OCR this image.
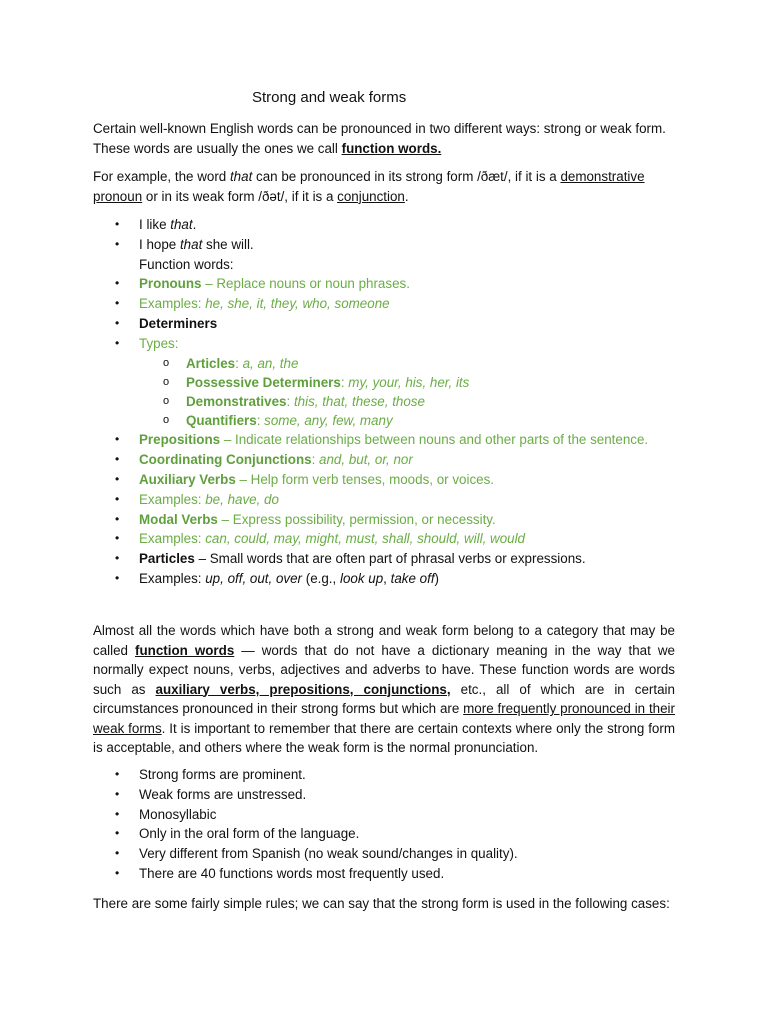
Strong and weak forms

Certain well-known English words can be pronounced in two different ways: strong or weak form. These words are usually the ones we call function words.

For example, the word that can be pronounced in its strong form /ðæt/, if it is a demonstrative pronoun or in its weak form /ðət/, if it is a conjunction.

• I like that.
• I hope that she will.
Function words:
• Pronouns – Replace nouns or noun phrases.
• Examples: he, she, it, they, who, someone
• Determiners
• Types:
o Articles: a, an, the
o Possessive Determiners: my, your, his, her, its
o Demonstratives: this, that, these, those
o Quantifiers: some, any, few, many
• Prepositions – Indicate relationships between nouns and other parts of the sentence.
• Coordinating Conjunctions: and, but, or, nor
• Auxiliary Verbs – Help form verb tenses, moods, or voices.
• Examples: be, have, do
• Modal Verbs – Express possibility, permission, or necessity.
• Examples: can, could, may, might, must, shall, should, will, would
• Particles – Small words that are often part of phrasal verbs or expressions.
• Examples: up, off, out, over (e.g., look up, take off)

Almost all the words which have both a strong and weak form belong to a category that may be called function words — words that do not have a dictionary meaning in the way that we normally expect nouns, verbs, adjectives and adverbs to have. These function words are words such as auxiliary verbs, prepositions, conjunctions, etc., all of which are in certain circumstances pronounced in their strong forms but which are more frequently pronounced in their weak forms. It is important to remember that there are certain contexts where only the strong form is acceptable, and others where the weak form is the normal pronunciation.

• Strong forms are prominent.
• Weak forms are unstressed.
• Monosyllabic
• Only in the oral form of the language.
• Very different from Spanish (no weak sound/changes in quality).
• There are 40 functions words most frequently used.

There are some fairly simple rules; we can say that the strong form is used in the following cases:
